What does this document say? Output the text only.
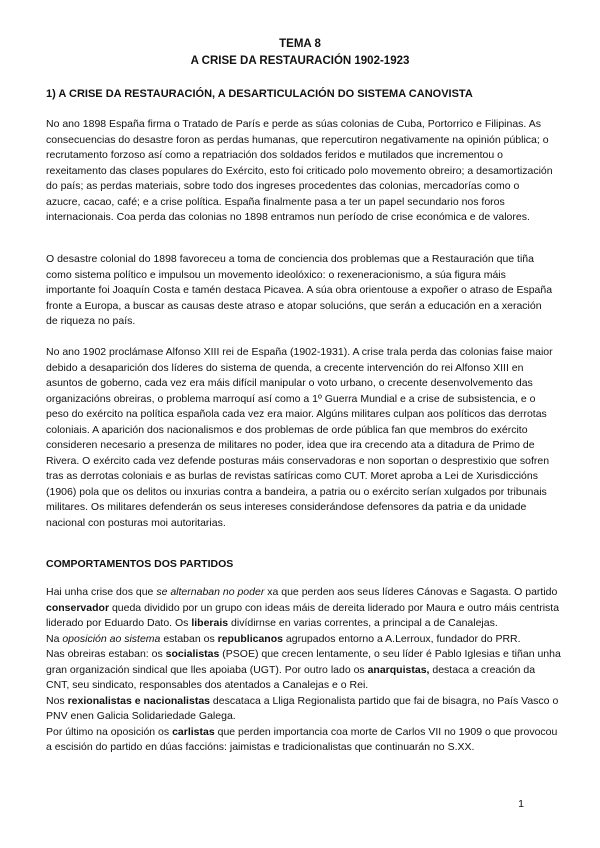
TEMA 8
A CRISE DA RESTAURACIÓN 1902-1923
1) A CRISE DA RESTAURACIÓN, A DESARTICULACIÓN DO SISTEMA CANOVISTA
No ano 1898 España firma o Tratado de París e perde as súas colonias de Cuba, Portorrico e Filipinas. As consecuencias do desastre foron as perdas humanas, que repercutiron negativamente na opinión pública; o recrutamento forzoso así como a repatriación dos soldados feridos e mutilados que incrementou o rexeitamento das clases populares do Exército, esto foi criticado polo movemento obreiro; a desamortización do país; as perdas materiais, sobre todo dos ingreses procedentes das colonias, mercadorías como o azucre, cacao, café; e a crise política. España finalmente pasa a ter un papel secundario nos foros internacionais. Coa perda das colonias no 1898 entramos nun período de crise económica e de valores.
O desastre colonial do 1898 favoreceu a toma de conciencia dos problemas que a Restauración que tiña como sistema político e impulsou un movemento ideolóxico: o rexeneracionismo, a súa figura máis importante foi Joaquín Costa e tamén destaca Picavea. A súa obra orientouse a expoñer o atraso de España fronte a Europa, a buscar as causas deste atraso e atopar solucións, que serán a educación en a xeración de riqueza no país.
No ano 1902 proclámase Alfonso XIII rei de España (1902-1931). A crise trala perda das colonias faise maior debido a desaparición dos líderes do sistema de quenda, a crecente intervención do rei Alfonso XIII en asuntos de goberno, cada vez era máis difícil manipular o voto urbano, o crecente desenvolvemento das organizacións obreiras, o problema marroquí así como a 1º Guerra Mundial e a crise de subsistencia, e o peso do exército na política española cada vez era maior. Algúns militares culpan aos políticos das derrotas coloniais. A aparición dos nacionalismos e dos problemas de orde pública fan que membros do exército consideren necesario a presenza de militares no poder, idea que ira crecendo ata a ditadura de Primo de Rivera. O exército cada vez defende posturas máis conservadoras e non soportan o desprestixio que sofren tras as derrotas coloniais e as burlas de revistas satíricas como CUT. Moret aproba a Lei de Xurisdiccións (1906) pola que os delitos ou inxurias contra a bandeira, a patria ou o exército serían xulgados por tribunais militares. Os militares defenderán os seus intereses considerándose defensores da patria e da unidade nacional con posturas moi autoritarias.
COMPORTAMENTOS DOS PARTIDOS
Hai unha crise dos que se alternaban no poder xa que perden aos seus líderes Cánovas e Sagasta. O partido conservador queda dividido por un grupo con ideas máis de dereita liderado por Maura e outro máis centrista liderado por Eduardo Dato. Os liberais divídirnse en varias correntes, a principal a de Canalejas.
Na oposición ao sistema estaban os republicanos agrupados entorno a A.Lerroux, fundador do PRR.
Nas obreiras estaban: os socialistas (PSOE) que crecen lentamente, o seu líder é Pablo Iglesias e tiñan unha gran organización sindical que lles apoiaba (UGT). Por outro lado os anarquistas, destaca a creación da CNT, seu sindicato, responsables dos atentados a Canalejas e o Rei.
Nos rexionalistas e nacionalistas descataca a Lliga Regionalista partido que fai de bisagra, no País Vasco o PNV enen Galicia Solidariedade Galega.
Por último na oposición os carlistas que perden importancia coa morte de Carlos VII no 1909 o que provocou a escisión do partido en dúas faccións: jaimistas e tradicionalistas que continuarán no S.XX.
1
